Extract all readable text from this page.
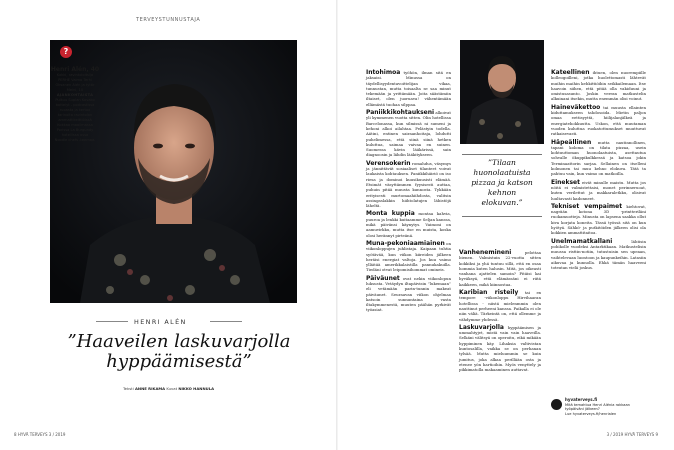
TERVEYSTUNNUSTAJA
?
Henri Alén, 40
Kokki, ravintoloitsija
PERHE Vaimo Terhi
Oksanen Alén ja tytär
Meini, 10
AJANKOHTAISTA
Pulkuu Suplan Kovako
bottelyt - podcastissa
ruoasta ja kertoo
tarinoita ravintolan
ammattikeittiöissä
Kokkaa maailmassa
Porissa La Burgundy
hotellissa ossa
Noodle chefs -teemaa.
HENRI ALÉN
”Haaveilen laskuvarjolla
hyppäämisestä”
Teksti ANNE RIKAMA Kuvat NIKKO HANNULA
8 HYVÄ TERVEYS 3 / 2019	3 / 2019 HYVÄ TERVEYS 9

Intohimoa työhön, ilman sitä en jaksaisi. Minussa on täydellisyydentavoittelijan vikaa, tunnustan, mutta toisaalta se saa minut tekemään ja yrittämään. Joita säästämiin iltaiset, olen juoruava! vähentämään ellämästä tuohaa silppaa.

Paniikkikohtaukseni alkoivat yli kymmenen vuotta sitten. Olin hotellissa Barcelonassa, kun silmissä ni sumeni ja kehoni alkoi ailahtaa. Pelästyin todella. Aätini, entinen sairaanhoitaja, lohdutti puhelimessa, että siinä siinä hetken kuluttua, saimaa vaivaa en suinen. Suomessa kävin lääkärissä, sain diagnoosin ja lähdin lääkitykseen.

Verensokerin romahdus, väsymys ja jännittävät sosiaaliset tilanteet voivat laukaista kohtauksen. Paniikkihäiriö on iso riesa ja dominoi kuusikuusisti elämää. Etsimät väsyttämmen fyysisesti auttaa, puhuin pitää muusta kunnosta. Tykkään erityisesti murtomaahiihdosta, valitsin assingaslakkin hiihtolatujen lähistöjä läheltä.

Monta kuppia montaa kahvia, puuroa ja lenkki kuitaamme Seljan kanssa, mikä päivänsi käynytys. Vaimoni on aamuvirkku, mutta itse en muista, koska olosi herännyt pirteänä.

Muna-pekoniaamiainen on viikonloppujen juhlistaja. Kaipaan tuhtia syötävää, kun viikon kiireiden jälkeen heräisi energiat valtoja. Jos kuu vaimo ylläitää amerikkalaistilla pannukakuilla. Tiedäni otvat leipomisihommat omineis.

Päiväunet ovat nekin viikonlopun luksusta. Vetäydyn iltapäivisin ”lukemaan” eli vetämään parin-tunnin makeat päiväunet. Seuraavan viikon ohjelmaa katsoin sunnuntaina vasta iltakymmenestä, muuten päähän pyrkivät työasiat.

”Tilaan
huonolaatuista
pizzaa ja katson
kehnon
elokuvan.”

Vanhenemineni	pelottaa bienen. Valmistuin 22-vuotta sitten kokkiksi ja yhä tuntuu sillä, että en osaa hommia kuten halusin. Mitä, jos oikeasti vanhana ajattelen samoin? Pitäisi kai hyväksyä, että elämässäni ei riitä kaikkeen, mikä kiinnostaa.

Karibian risteily tai ex tempore -viikonloppu Hirvihaaran hotellissa - niistä mielenmmin olen nauttinut perheeni kanssa. Paikalla ei ole niin väliä. Tärkeintä on, että ollemme ja vähdymme yhdessä.

Laskuvarjolla hyppäämisen ja ummahtyjet, mistä vain vain haaveilla. Selkäni välitsyä on operoitu, eikä mikään hyppiminen käy. Lihaksia valtivistan kuntosalilla, vaikka se on perhanan tylsää. Mutta mieluummin se kuin jumitus, joka alkaa perillään osta ja etenee yön hartioihin. Myös venyttely ja pikkimatolla makaaminen auttavat.

Kateellinen ihtuen, olen nuorempiille kolleogoilleni, jotka huolettomasti lähtevät muihin maihin kehkittiöihin seikkailemaan. Itse haavoin siihen, että pitää olla vakiduuni ja omistusasunto. Joskin verran matkustelin alkuinani itsekin, mutta enemmän olisi voinut.

Haineväkettoo tai muusta ellainten kiduttamukseen tahdosoida. Mietin paljon omaa eettisyyttä, hiilijalanjälkeä ja energiatehokkuutta. Uskon, että muutaman vuoden kuluttua ruokatottumukset muuttuvat ratkaisevasti.

Häpeällinen mutta nautinnollinen, tapani koloma on tilata pizzaa, usein kohtuuttoman huonolaatuista, asettautua sohvalle ökuppikulkkessä ja katsoa jokin Terminaattorin sarjaa. Sellainen on itselleni kolmonen tai muu kehno elokuva. Tätä ta pahtuu vain, kun vaimo on matkoilla.

Einekset eivät minulle maistu. Mutta jos nöitä ei valmistettaisi, monet perinneruoat, kuten verilettut ja makkaraletkku, olisivat luultavasti kadonneet.

Tekniset vempaimet kiehtovat, nagrään kotona 3D -printteriläni ruokamuotteja. Minusta on lapsena saakka ollut kiva korjata koneita. Tässä työssä sitä on kun hyötyä. Sähkö- ja putkitöiden jälkeen olisi ola kokkien ammattitaitoa.

Unelmamatkallani	lähtisin pohikolle vuodeksi Antarktikaan. Matkustelisin muussa risttin-notiin, tutustuisin sen upeaan, vaihtelevaan luontoon ja kaupunkeihin. Latasiin aikuvaa ja kunnolla. Ehkä tämän haaveeni toteutan vielä joskus.

hyvaterveys.fi
Mitä temahtua Henri Alénia rokkaan työpäiväni jälkeen?
Lue hyvaterveys.fi/henrialen
